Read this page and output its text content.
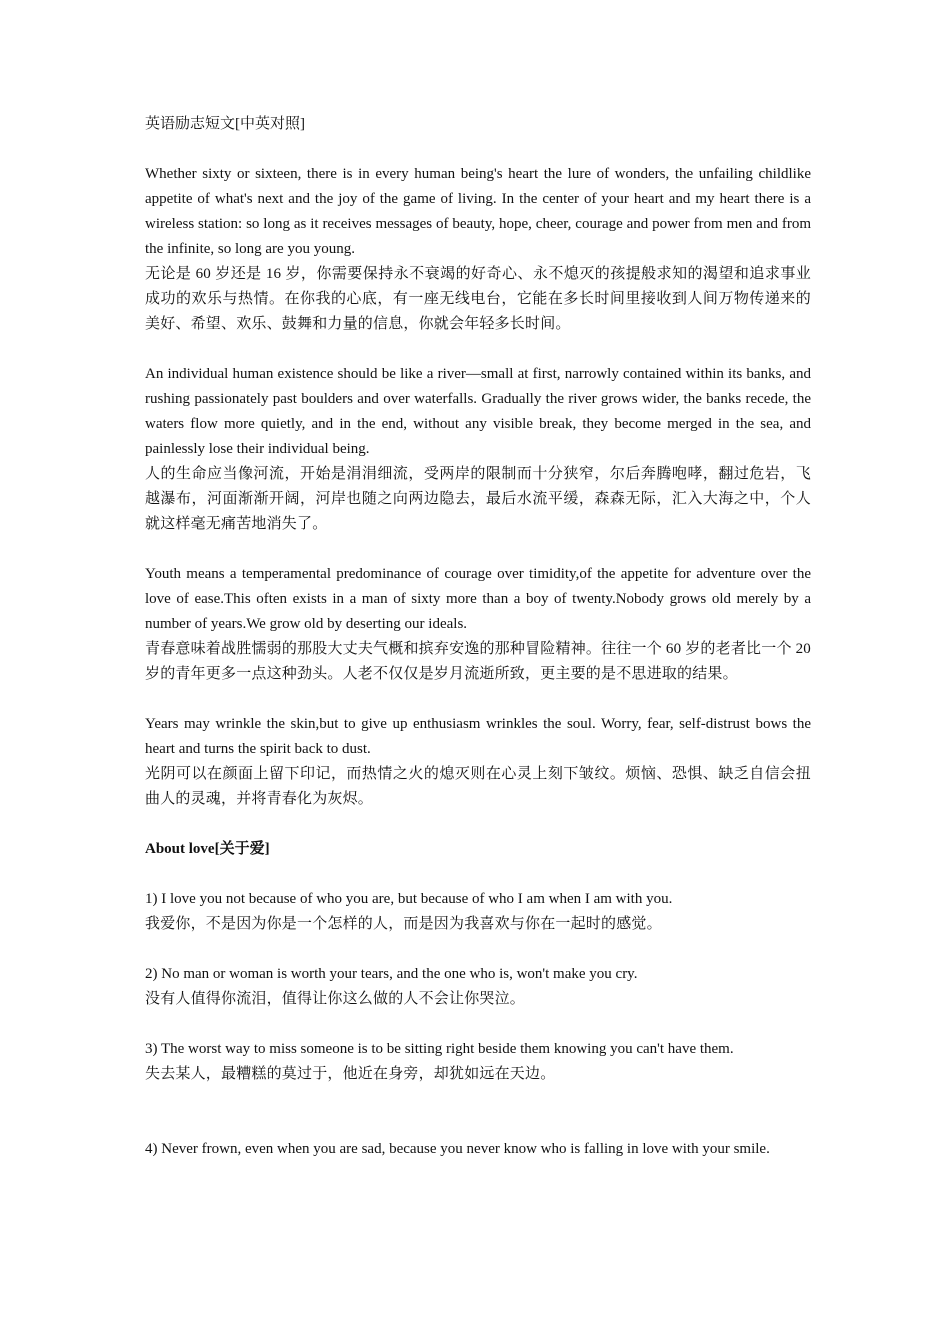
英语励志短文[中英对照]

Whether sixty or sixteen, there is in every human being's heart the lure of wonders, the unfailing childlike appetite of what's next and the joy of the game of living. In the center of your heart and my heart there is a wireless station: so long as it receives messages of beauty, hope, cheer, courage and power from men and from the infinite, so long are you young.

无论是 60 岁还是 16 岁，你需要保持永不衰竭的好奇心、永不熄灭的孩提般求知的渴望和追求事业成功的欢乐与热情。在你我的心底，有一座无线电台，它能在多长时间里接收到人间万物传递来的美好、希望、欢乐、鼓舞和力量的信息，你就会年轻多长时间。

An individual human existence should be like a river—small at first, narrowly contained within its banks, and rushing passionately past boulders and over waterfalls. Gradually the river grows wider, the banks recede, the waters flow more quietly, and in the end, without any visible break, they become merged in the sea, and painlessly lose their individual being.

人的生命应当像河流，开始是涓涓细流，受两岸的限制而十分狭窄，尔后奔腾咆哮，翻过危岩，飞越瀑布，河面渐渐开阔，河岸也随之向两边隐去，最后水流平缓，森森无际，汇入大海之中，个人就这样毫无痛苦地消失了。

Youth means a temperamental predominance of courage over timidity,of the appetite for adventure over the love of ease.This often exists in a man of sixty more than a boy of twenty.Nobody grows old merely by a number of years.We grow old by deserting our ideals.

青春意味着战胜懦弱的那股大丈夫气概和摈弃安逸的那种冒险精神。往往一个 60 岁的老者比一个 20 岁的青年更多一点这种劲头。人老不仅仅是岁月流逝所致，更主要的是不思进取的结果。

Years may wrinkle the skin,but to give up enthusiasm wrinkles the soul. Worry, fear, self-distrust bows the heart and turns the spirit back to dust.

光阴可以在颜面上留下印记，而热情之火的熄灭则在心灵上刻下皱纹。烦恼、恐惧、缺乏自信会扭曲人的灵魂，并将青春化为灰烬。

About love[关于爱]

1) I love you not because of who you are, but because of who I am when I am with you.

我爱你，不是因为你是一个怎样的人，而是因为我喜欢与你在一起时的感觉。

2) No man or woman is worth your tears, and the one who is, won't make you cry.

没有人值得你流泪，值得让你这么做的人不会让你哭泣。

3) The worst way to miss someone is to be sitting right beside them knowing you can't have them.

失去某人，最糟糕的莫过于，他近在身旁，却犹如远在天边。

4) Never frown, even when you are sad, because you never know who is falling in love with your smile.
